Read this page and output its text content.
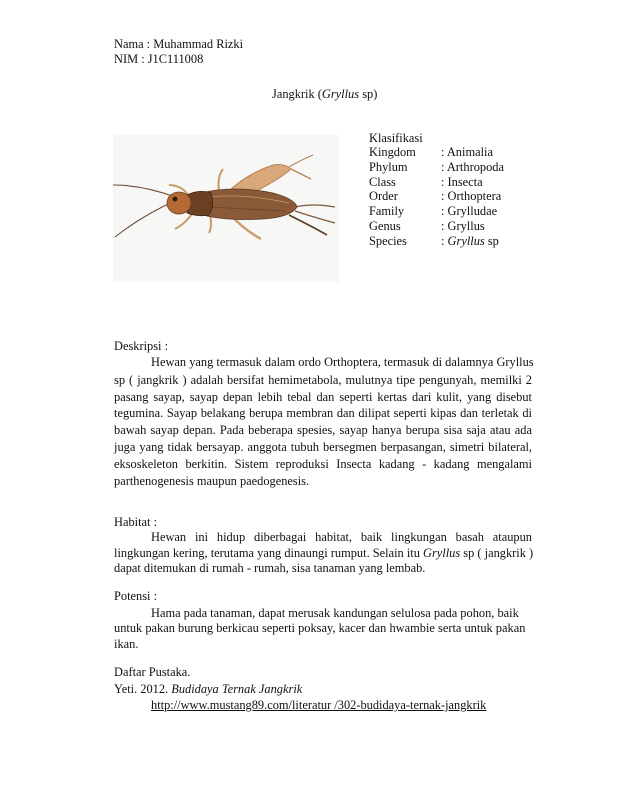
Nama : Muhammad Rizki
NIM : J1C111008
Jangkrik (Gryllus sp)
Klasifikasi
Kingdom : Animalia
Phylum	: Arthropoda
Class	: Insecta
Order	: Orthoptera
Family	: Grylludae
Genus	: Gryllus
Species	: Gryllus sp
Deskripsi :
Hewan yang termasuk dalam ordo Orthoptera, termasuk di dalamnya Gryllus
sp ( jangkrik ) adalah bersifat hemimetabola, mulutnya tipe pengunyah, memilki 2
pasang sayap, sayap depan lebih tebal dan seperti kertas dari kulit, yang disebut
tegumina. Sayap belakang berupa membran dan dilipat seperti kipas dan terletak di
bawah sayap depan. Pada beberapa spesies, sayap hanya berupa sisa saja atau ada
juga yang tidak bersayap. anggota tubuh bersegmen berpasangan, simetri bilateral,
eksoskeleton berkitin. Sistem reproduksi Insecta kadang - kadang mengalami
parthenogenesis maupun paedogenesis.
Habitat :
Hewan ini hidup diberbagai habitat, baik lingkungan basah ataupun
lingkungan kering, terutama yang dinaungi rumput. Selain itu Gryllus sp ( jangkrik )
dapat ditemukan di rumah - rumah, sisa tanaman yang lembab.
Potensi :
Hama pada tanaman, dapat merusak kandungan selulosa pada pohon, baik
untuk pakan burung berkicau seperti poksay, kacer dan hwambie serta untuk pakan
ikan.
Daftar Pustaka.
Yeti. 2012. Budidaya Ternak Jangkrik
http://www.mustang89.com/literatur /302-budidaya-ternak-jangkrik
